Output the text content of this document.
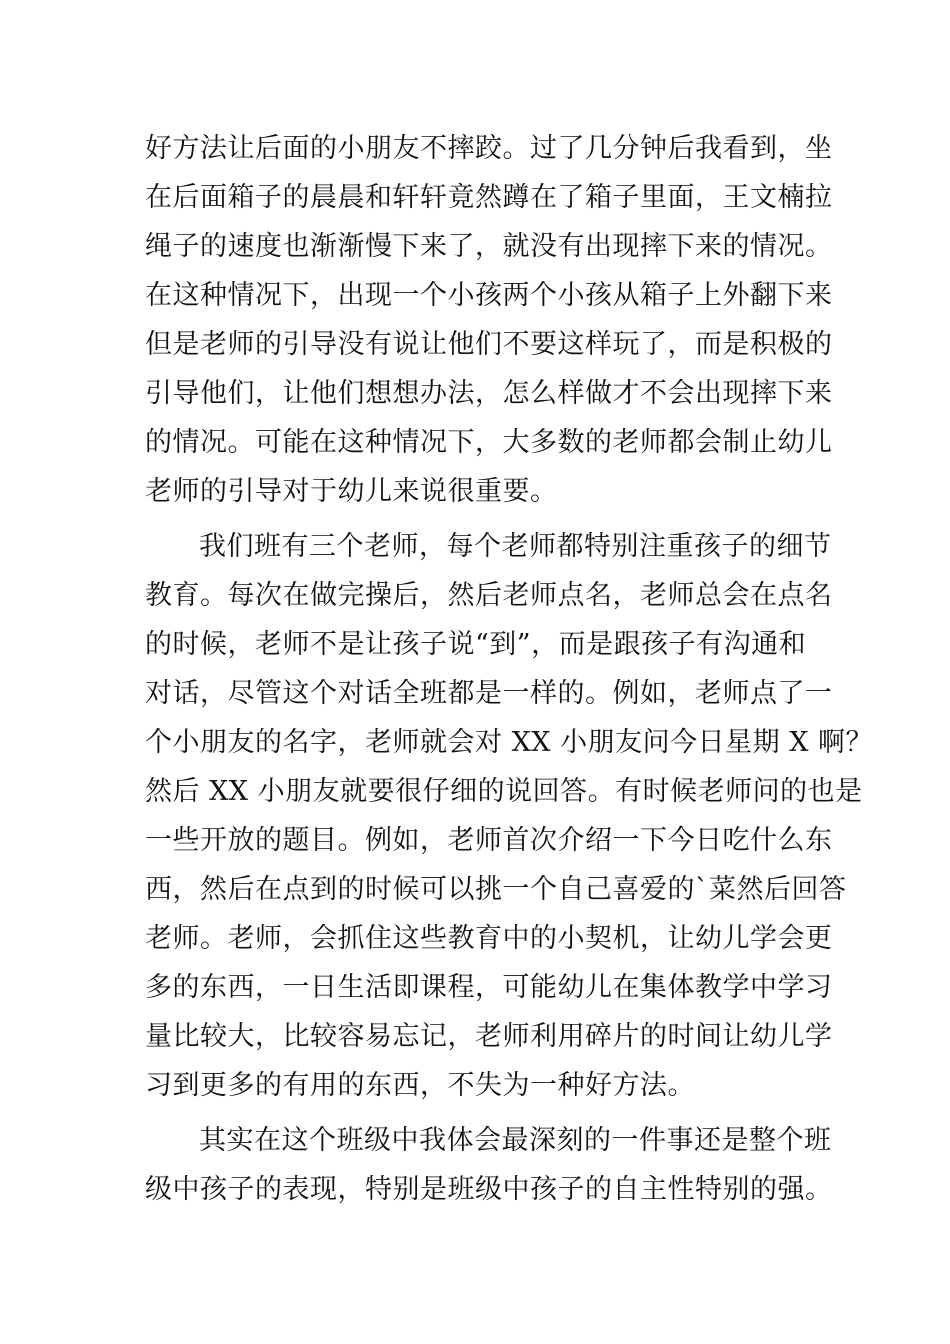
好方法让后面的小朋友不摔跤。过了几分钟后我看到，坐
在后面箱子的晨晨和轩轩竟然蹲在了箱子里面，王文楠拉
绳子的速度也渐渐慢下来了，就没有出现摔下来的情况。
在这种情况下，出现一个小孩两个小孩从箱子上外翻下来
但是老师的引导没有说让他们不要这样玩了，而是积极的
引导他们，让他们想想办法，怎么样做才不会出现摔下来
的情况。可能在这种情况下，大多数的老师都会制止幼儿
老师的引导对于幼儿来说很重要。
我们班有三个老师，每个老师都特别注重孩子的细节
教育。每次在做完操后，然后老师点名，老师总会在点名
的时候，老师不是让孩子说“到”，而是跟孩子有沟通和
对话，尽管这个对话全班都是一样的。例如，老师点了一
个小朋友的名字，老师就会对 XX 小朋友问今日星期 X 啊？
然后 XX 小朋友就要很仔细的说回答。有时候老师问的也是
一些开放的题目。例如，老师首次介绍一下今日吃什么东
西，然后在点到的时候可以挑一个自己喜爱的`菜然后回答
老师。老师，会抓住这些教育中的小契机，让幼儿学会更
多的东西，一日生活即课程，可能幼儿在集体教学中学习
量比较大，比较容易忘记，老师利用碎片的时间让幼儿学
习到更多的有用的东西，不失为一种好方法。
其实在这个班级中我体会最深刻的一件事还是整个班
级中孩子的表现，特别是班级中孩子的自主性特别的强。
